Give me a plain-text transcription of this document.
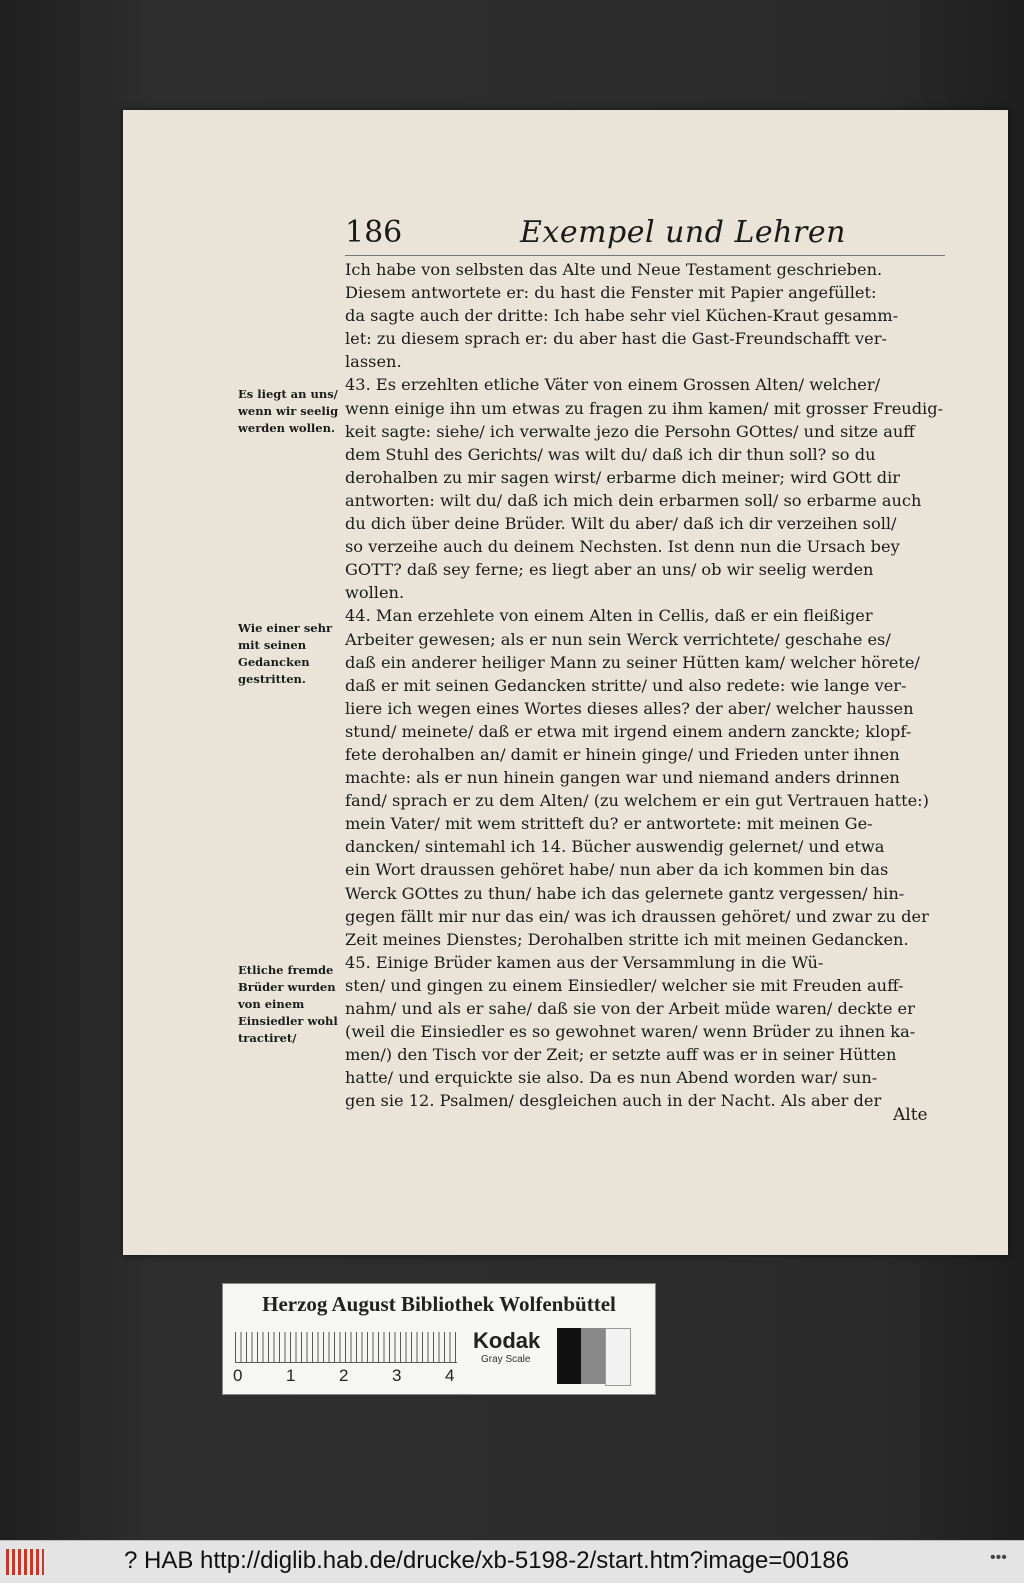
186	Exempel und Lehren
Ich habe von selbsten das Alte und Neue Testament geschrieben.
Diesem antwortete er: du hast die Fenster mit Papier angefüllet:
da sagte auch der dritte: Ich habe sehr viel Küchen-Kraut gesamm-
let: zu diesem sprach er: du aber hast die Gast-Freundschafft ver-
lassen.
43. Es erzehlten etliche Väter von einem Grossen Alten/ welcher/
wenn einige ihn um etwas zu fragen zu ihm kamen/ mit grosser Freudig-
keit sagte: siehe/ ich verwalte jezo die Persohn GOttes/ und sitze auff
dem Stuhl des Gerichts/ was wilt du/ daß ich dir thun soll? so du
derohalben zu mir sagen wirst/ erbarme dich meiner; wird GOtt dir
antworten: wilt du/ daß ich mich dein erbarmen soll/ so erbarme auch
du dich über deine Brüder. Wilt du aber/ daß ich dir verzeihen soll/
so verzeihe auch du deinem Nechsten. Ist denn nun die Ursach bey
GOTT? daß sey ferne; es liegt aber an uns/ ob wir seelig werden
wollen.
44. Man erzehlete von einem Alten in Cellis, daß er ein fleißiger
Arbeiter gewesen; als er nun sein Werck verrichtete/ geschahe es/
daß ein anderer heiliger Mann zu seiner Hütten kam/ welcher hörete/
daß er mit seinen Gedancken stritte/ und also redete: wie lange ver-
liere ich wegen eines Wortes dieses alles? der aber/ welcher haussen
stund/ meinete/ daß er etwa mit irgend einem andern zanckte; klopf-
fete derohalben an/ damit er hinein ginge/ und Frieden unter ihnen
machte: als er nun hinein gangen war und niemand anders drinnen
fand/ sprach er zu dem Alten/ (zu welchem er ein gut Vertrauen hatte:)
mein Vater/ mit wem stritteft du? er antwortete: mit meinen Ge-
dancken/ sintemahl ich 14. Bücher auswendig gelernet/ und etwa
ein Wort draussen gehöret habe/ nun aber da ich kommen bin das
Werck GOttes zu thun/ habe ich das gelernete gantz vergessen/ hin-
gegen fällt mir nur das ein/ was ich draussen gehöret/ und zwar zu der
Zeit meines Dienstes; Derohalben stritte ich mit meinen Gedancken.
45. Einige Brüder kamen aus der Versammlung in die Wü-
sten/ und gingen zu einem Einsiedler/ welcher sie mit Freuden auff-
nahm/ und als er sahe/ daß sie von der Arbeit müde waren/ deckte er
(weil die Einsiedler es so gewohnet waren/ wenn Brüder zu ihnen ka-
men/) den Tisch vor der Zeit; er setzte auff was er in seiner Hütten
hatte/ und erquickte sie also. Da es nun Abend worden war/ sun-
gen sie 12. Psalmen/ desgleichen auch in der Nacht. Als aber der
Es liegt an uns/ wenn wir seelig werden wollen.
Wie einer sehr mit seinen Gedancken gestritten.
Etliche fremde Brüder wurden von einem Einsiedler wohl tractiret/
Alte
Herzog August Bibliothek Wolfenbüttel
0	1	2	3	4
Kodak
Gray Scale
? HAB http://diglib.hab.de/drucke/xb-5198-2/start.htm?image=00186	•••
